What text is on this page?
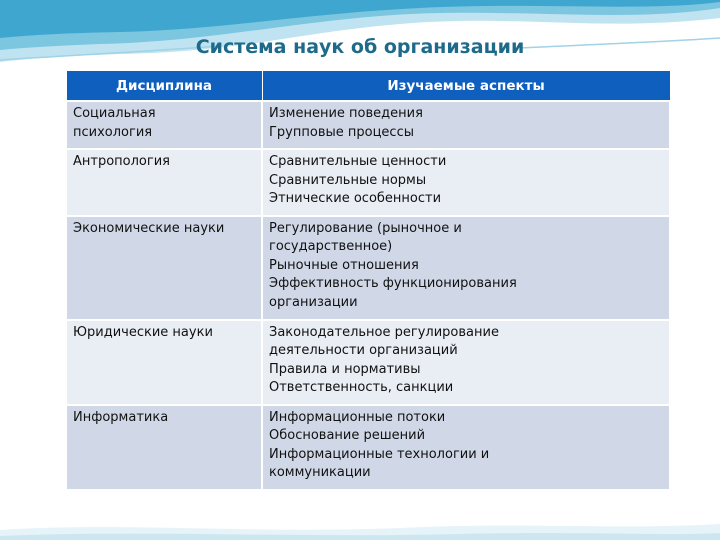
Система наук об организации
Дисциплина	Изучаемые аспекты

Социальная
психология	Изменение поведения
Групповые процессы

Антропология	Сравнительные ценности
Сравнительные нормы
Этнические особенности

Экономические науки	Регулирование (рыночное и
государственное)
Рыночные отношения
Эффективность функционирования
организации

Юридические науки	Законодательное регулирование
деятельности организаций
Правила и нормативы
Ответственность, санкции

Информатика	Информационные потоки
Обоснование решений
Информационные технологии и
коммуникации
